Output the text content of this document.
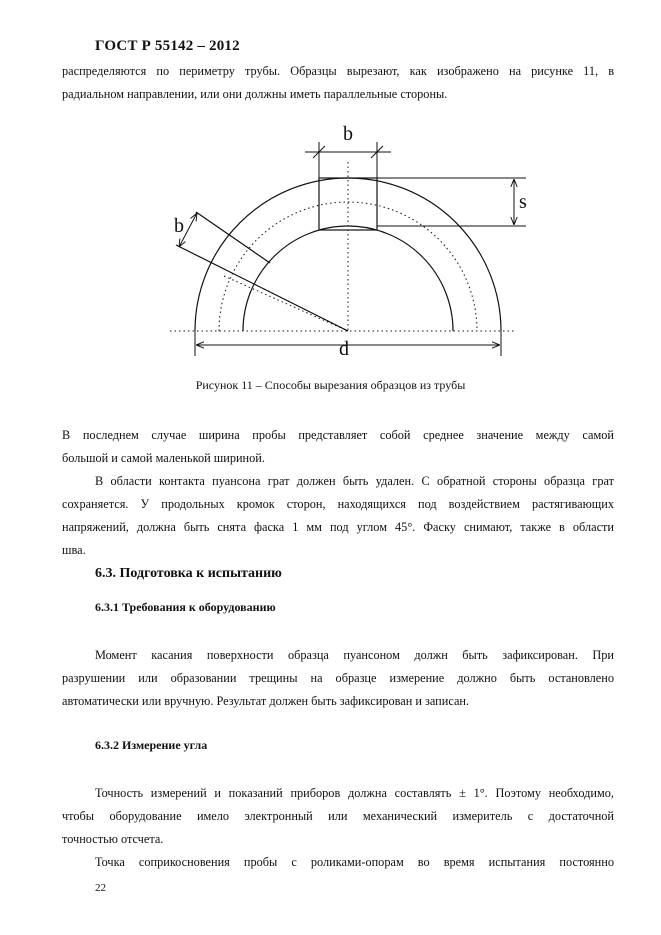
ГОСТ Р 55142 – 2012
распределяются по периметру трубы. Образцы вырезают, как изображено на рисунке 11, в
радиальном направлении, или они должны иметь параллельные стороны.
b
s
b
d
Рисунок 11 – Способы вырезания образцов из трубы
В последнем случае ширина пробы представляет собой среднее значение между самой
большой и самой маленькой шириной.
В области контакта пуансона грат должен быть удален. С обратной стороны образца грат
сохраняется. У продольных кромок сторон, находящихся под воздействием растягивающих
напряжений, должна быть снята фаска 1 мм под углом 45°. Фаску снимают, также в области
шва.
6.3. Подготовка к испытанию
6.3.1 Требования к оборудованию
Момент касания поверхности образца пуансоном должн быть зафиксирован. При
разрушении или образовании трещины на образце измерение должно быть остановлено
автоматически или вручную. Результат должен быть зафиксирован и записан.
6.3.2 Измерение угла
Точность измерений и показаний приборов должна составлять ± 1°. Поэтому необходимо,
чтобы оборудование имело электронный или механический измеритель с достаточной
точностью отсчета.
Точка соприкосновения пробы с роликами-опорам во время испытания постоянно
22
